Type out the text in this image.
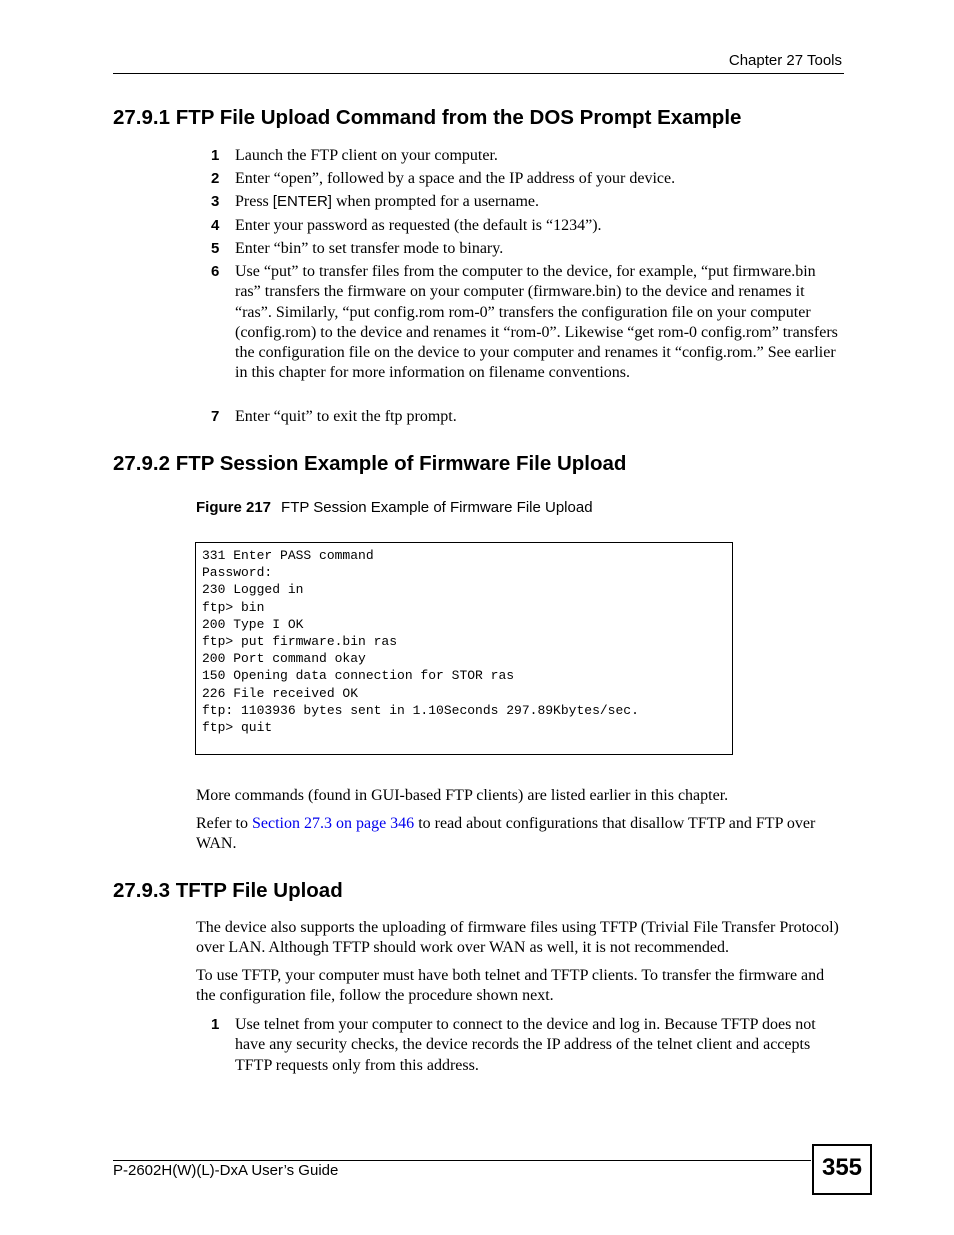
Chapter 27 Tools
27.9.1 FTP File Upload Command from the DOS Prompt Example
1 Launch the FTP client on your computer.
2 Enter “open”, followed by a space and the IP address of your device.
3 Press [ENTER] when prompted for a username.
4 Enter your password as requested (the default is “1234”).
5 Enter “bin” to set transfer mode to binary.
6 Use “put” to transfer files from the computer to the device, for example, “put firmware.bin ras” transfers the firmware on your computer (firmware.bin) to the device and renames it “ras”. Similarly, “put config.rom rom-0” transfers the configuration file on your computer (config.rom) to the device and renames it “rom-0”. Likewise “get rom-0 config.rom” transfers the configuration file on the device to your computer and renames it “config.rom.” See earlier in this chapter for more information on filename conventions.
7 Enter “quit” to exit the ftp prompt.
27.9.2 FTP Session Example of Firmware File Upload
Figure 217 FTP Session Example of Firmware File Upload
331 Enter PASS command
Password:
230 Logged in
ftp> bin
200 Type I OK
ftp> put firmware.bin ras
200 Port command okay
150 Opening data connection for STOR ras
226 File received OK
ftp: 1103936 bytes sent in 1.10Seconds 297.89Kbytes/sec.
ftp> quit
More commands (found in GUI-based FTP clients) are listed earlier in this chapter.
Refer to Section 27.3 on page 346 to read about configurations that disallow TFTP and FTP over WAN.
27.9.3 TFTP File Upload
The device also supports the uploading of firmware files using TFTP (Trivial File Transfer Protocol) over LAN. Although TFTP should work over WAN as well, it is not recommended.
To use TFTP, your computer must have both telnet and TFTP clients. To transfer the firmware and the configuration file, follow the procedure shown next.
1 Use telnet from your computer to connect to the device and log in. Because TFTP does not have any security checks, the device records the IP address of the telnet client and accepts TFTP requests only from this address.
P-2602H(W)(L)-DxA User’s Guide	355
